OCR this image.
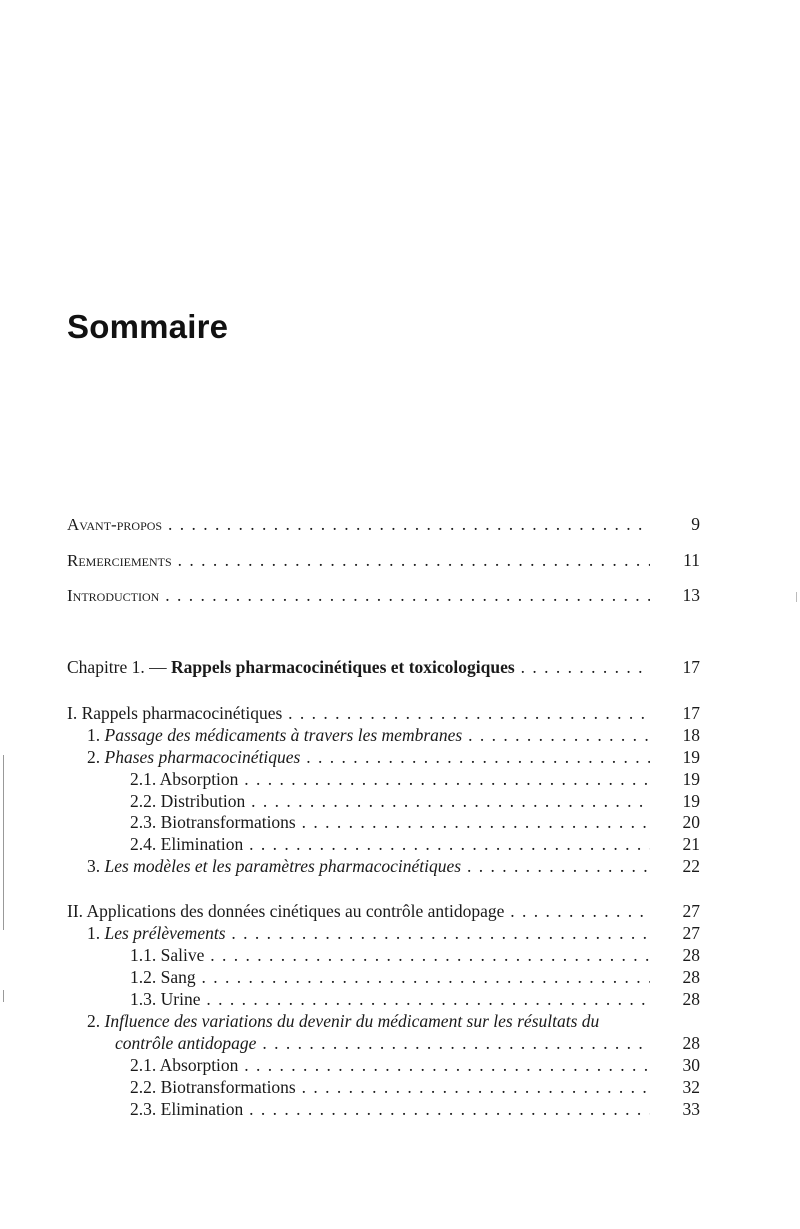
Sommaire
Avant-propos . . .	9
Remerciements . . .	11
Introduction . . .	13
Chapitre 1. — Rappels pharmacocinétiques et toxicologiques . . .	17
I. Rappels pharmacocinétiques . . .	17
1. Passage des médicaments à travers les membranes . . .	18
2. Phases pharmacocinétiques . . .	19
2.1. Absorption . . .	19
2.2. Distribution . . .	19
2.3. Biotransformations . . .	20
2.4. Elimination . . .	21
3. Les modèles et les paramètres pharmacocinétiques . . .	22
II. Applications des données cinétiques au contrôle antidopage . . .	27
1. Les prélèvements . . .	27
1.1. Salive . . .	28
1.2. Sang . . .	28
1.3. Urine . . .	28
2. Influence des variations du devenir du médicament sur les résultats du
contrôle antidopage . . .	28
2.1. Absorption . . .	30
2.2. Biotransformations . . .	32
2.3. Elimination . . .	33
